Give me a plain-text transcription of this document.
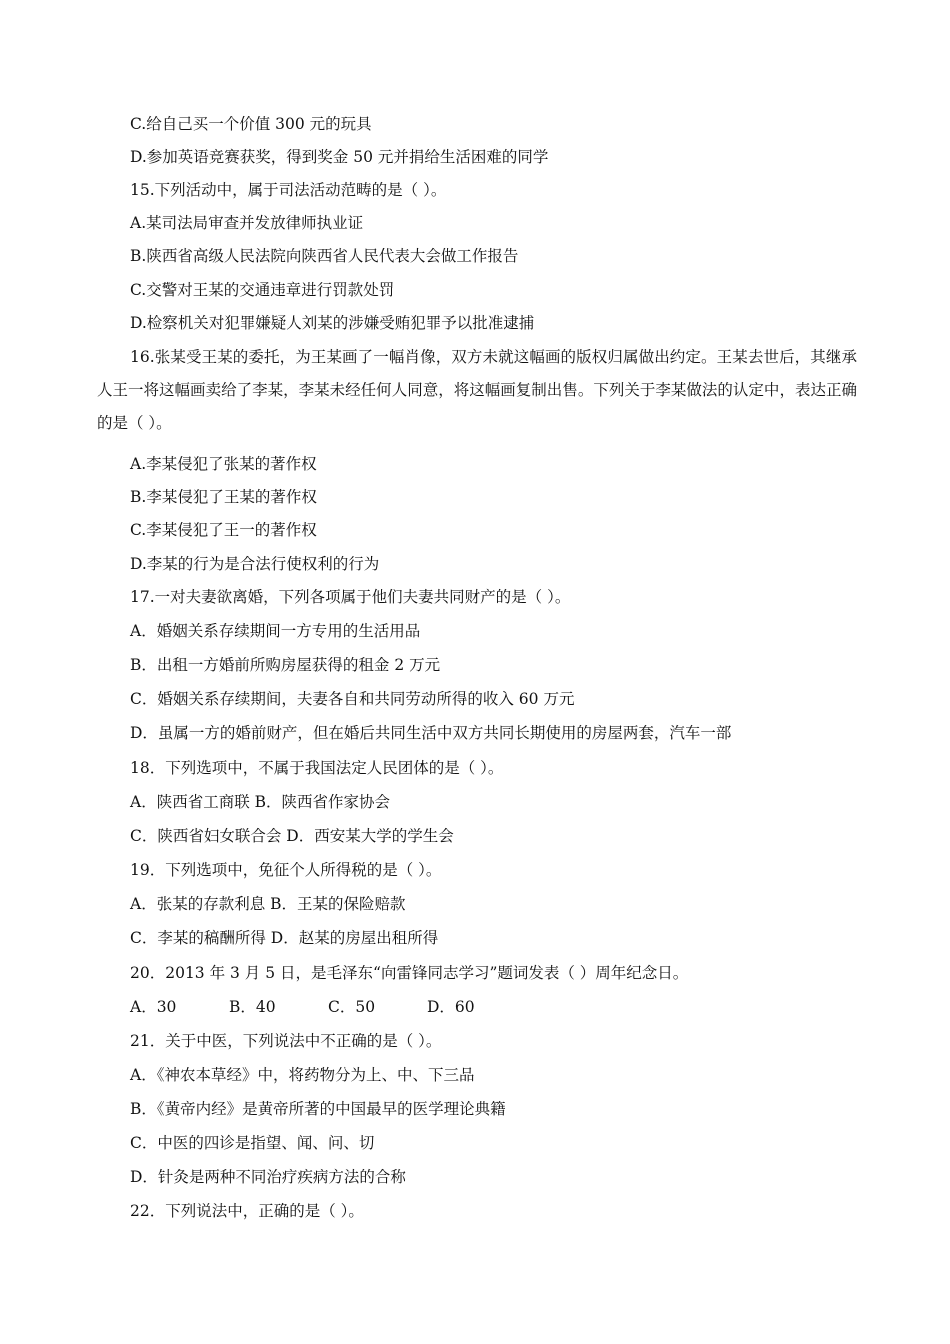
C.给自己买一个价值 300 元的玩具
D.参加英语竞赛获奖，得到奖金 50 元并捐给生活困难的同学
15.下列活动中，属于司法活动范畴的是（ ）。
A.某司法局审查并发放律师执业证
B.陕西省高级人民法院向陕西省人民代表大会做工作报告
C.交警对王某的交通违章进行罚款处罚
D.检察机关对犯罪嫌疑人刘某的涉嫌受贿犯罪予以批准逮捕
16.张某受王某的委托，为王某画了一幅肖像，双方未就这幅画的版权归属做出约定。王某去世后，其继承人王一将这幅画卖给了李某，李某未经任何人同意，将这幅画复制出售。下列关于李某做法的认定中，表达正确的是（ ）。
A.李某侵犯了张某的著作权
B.李某侵犯了王某的著作权
C.李某侵犯了王一的著作权
D.李某的行为是合法行使权利的行为
17.一对夫妻欲离婚，下列各项属于他们夫妻共同财产的是（ ）。
A．婚姻关系存续期间一方专用的生活用品
B．出租一方婚前所购房屋获得的租金 2 万元
C．婚姻关系存续期间，夫妻各自和共同劳动所得的收入 60 万元
D．虽属一方的婚前财产，但在婚后共同生活中双方共同长期使用的房屋两套，汽车一部
18．下列选项中，不属于我国法定人民团体的是（ ）。
A．陕西省工商联 B．陕西省作家协会
C．陕西省妇女联合会 D．西安某大学的学生会
19．下列选项中，免征个人所得税的是（ ）。
A．张某的存款利息 B．王某的保险赔款
C．李某的稿酬所得 D．赵某的房屋出租所得
20．2013 年 3 月 5 日，是毛泽东“向雷锋同志学习”题词发表（ ）周年纪念日。
A．30	B．40	C．50	D．60
21．关于中医，下列说法中不正确的是（ ）。
A．《神农本草经》中，将药物分为上、中、下三品
B．《黄帝内经》是黄帝所著的中国最早的医学理论典籍
C．中医的四诊是指望、闻、问、切
D．针灸是两种不同治疗疾病方法的合称
22．下列说法中，正确的是（ ）。
